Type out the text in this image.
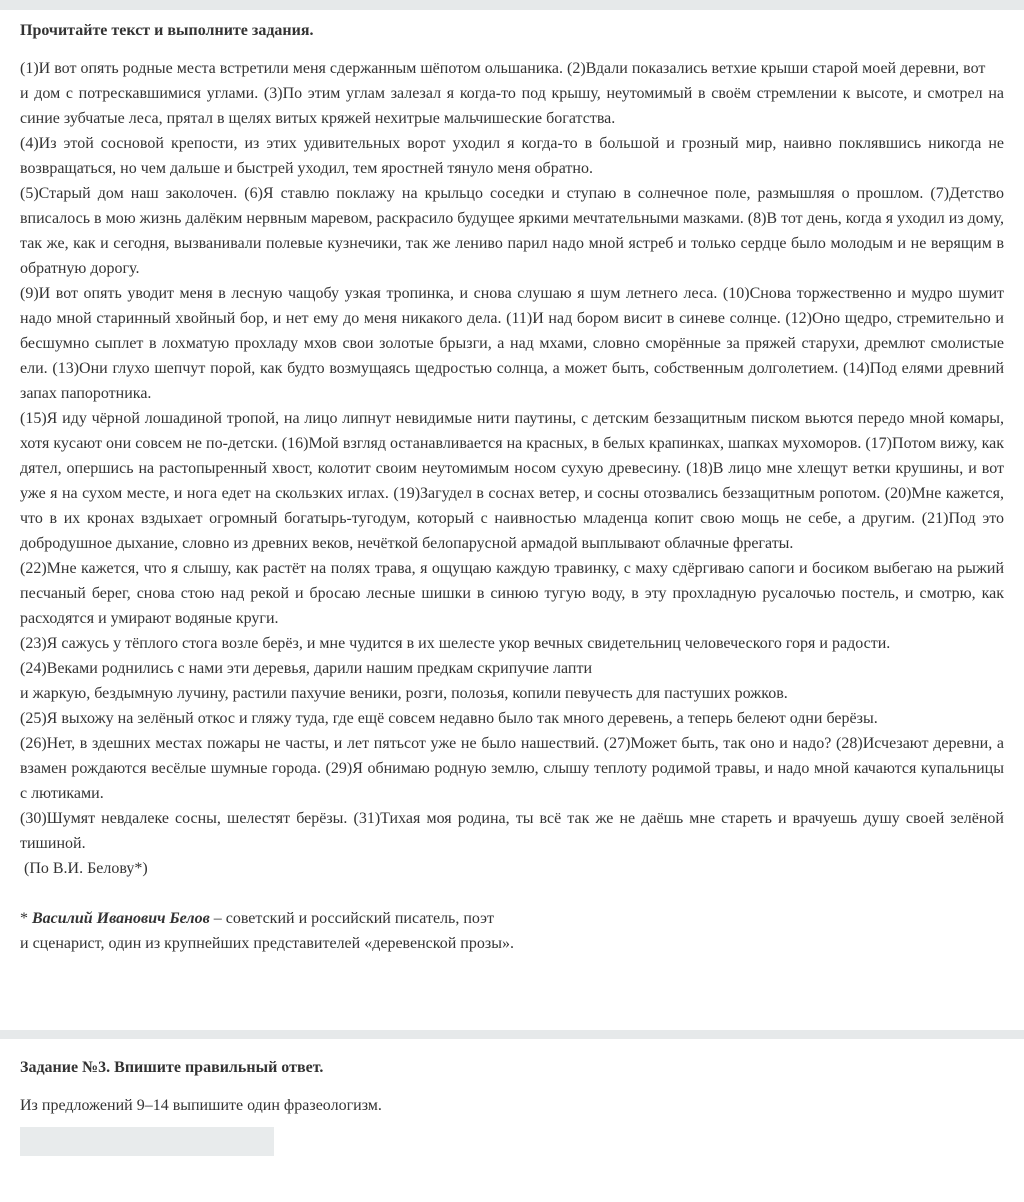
Прочитайте текст и выполните задания.
(1)И вот опять родные места встретили меня сдержанным шёпотом ольшаника. (2)Вдали показались ветхие крыши старой моей деревни, вот
и дом с потрескавшимися углами. (3)По этим углам залезал я когда-то под крышу, неутомимый в своём стремлении к высоте, и смотрел на синие зубчатые леса, прятал в щелях витых кряжей нехитрые мальчишеские богатства.
(4)Из этой сосновой крепости, из этих удивительных ворот уходил я когда-то в большой и грозный мир, наивно поклявшись никогда не возвращаться, но чем дальше и быстрей уходил, тем яростней тянуло меня обратно.
(5)Старый дом наш заколочен. (6)Я ставлю поклажу на крыльцо соседки и ступаю в солнечное поле, размышляя о прошлом. (7)Детство вписалось в мою жизнь далёким нервным маревом, раскрасило будущее яркими мечтательными мазками. (8)В тот день, когда я уходил из дому, так же, как и сегодня, вызванивали полевые кузнечики, так же лениво парил надо мной ястреб и только сердце было молодым и не верящим в обратную дорогу.
(9)И вот опять уводит меня в лесную чащобу узкая тропинка, и снова слушаю я шум летнего леса. (10)Снова торжественно и мудро шумит надо мной старинный хвойный бор, и нет ему до меня никакого дела. (11)И над бором висит в синеве солнце. (12)Оно щедро, стремительно и бесшумно сыплет в лохматую прохладу мхов свои золотые брызги, а над мхами, словно сморённые за пряжей старухи, дремлют смолистые ели. (13)Они глухо шепчут порой, как будто возмущаясь щедростью солнца, а может быть, собственным долголетием. (14)Под елями древний запах папоротника.
(15)Я иду чёрной лошадиной тропой, на лицо липнут невидимые нити паутины, с детским беззащитным писком вьются передо мной комары, хотя кусают они совсем не по-детски. (16)Мой взгляд останавливается на красных, в белых крапинках, шапках мухоморов. (17)Потом вижу, как дятел, опершись на растопыренный хвост, колотит своим неутомимым носом сухую древесину. (18)В лицо мне хлещут ветки крушины, и вот уже я на сухом месте, и нога едет на скользких иглах. (19)Загудел в соснах ветер, и сосны отозвались беззащитным ропотом. (20)Мне кажется, что в их кронах вздыхает огромный богатырь-тугодум, который с наивностью младенца копит свою мощь не себе, а другим. (21)Под это добродушное дыхание, словно из древних веков, нечёткой белопарусной армадой выплывают облачные фрегаты.
(22)Мне кажется, что я слышу, как растёт на полях трава, я ощущаю каждую травинку, с маху сдёргиваю сапоги и босиком выбегаю на рыжий песчаный берег, снова стою над рекой и бросаю лесные шишки в синюю тугую воду, в эту прохладную русалочью постель, и смотрю, как расходятся и умирают водяные круги.
(23)Я сажусь у тёплого стога возле берёз, и мне чудится в их шелесте укор вечных свидетельниц человеческого горя и радости.
(24)Веками роднились с нами эти деревья, дарили нашим предкам скрипучие лапти
и жаркую, бездымную лучину, растили пахучие веники, розги, полозья, копили певучесть для пастуших рожков.
(25)Я выхожу на зелёный откос и гляжу туда, где ещё совсем недавно было так много деревень, а теперь белеют одни берёзы.
(26)Нет, в здешних местах пожары не часты, и лет пятьсот уже не было нашествий. (27)Может быть, так оно и надо? (28)Исчезают деревни, а взамен рождаются весёлые шумные города. (29)Я обнимаю родную землю, слышу теплоту родимой травы, и надо мной качаются купальницы с лютиками.
(30)Шумят невдалеке сосны, шелестят берёзы. (31)Тихая моя родина, ты всё так же не даёшь мне стареть и врачуешь душу своей зелёной тишиной.
(По В.И. Белову*)
* Василий Иванович Белов – советский и российский писатель, поэт
и сценарист, один из крупнейших представителей «деревенской прозы».
Задание №3. Впишите правильный ответ.
Из предложений 9–14 выпишите один фразеологизм.
